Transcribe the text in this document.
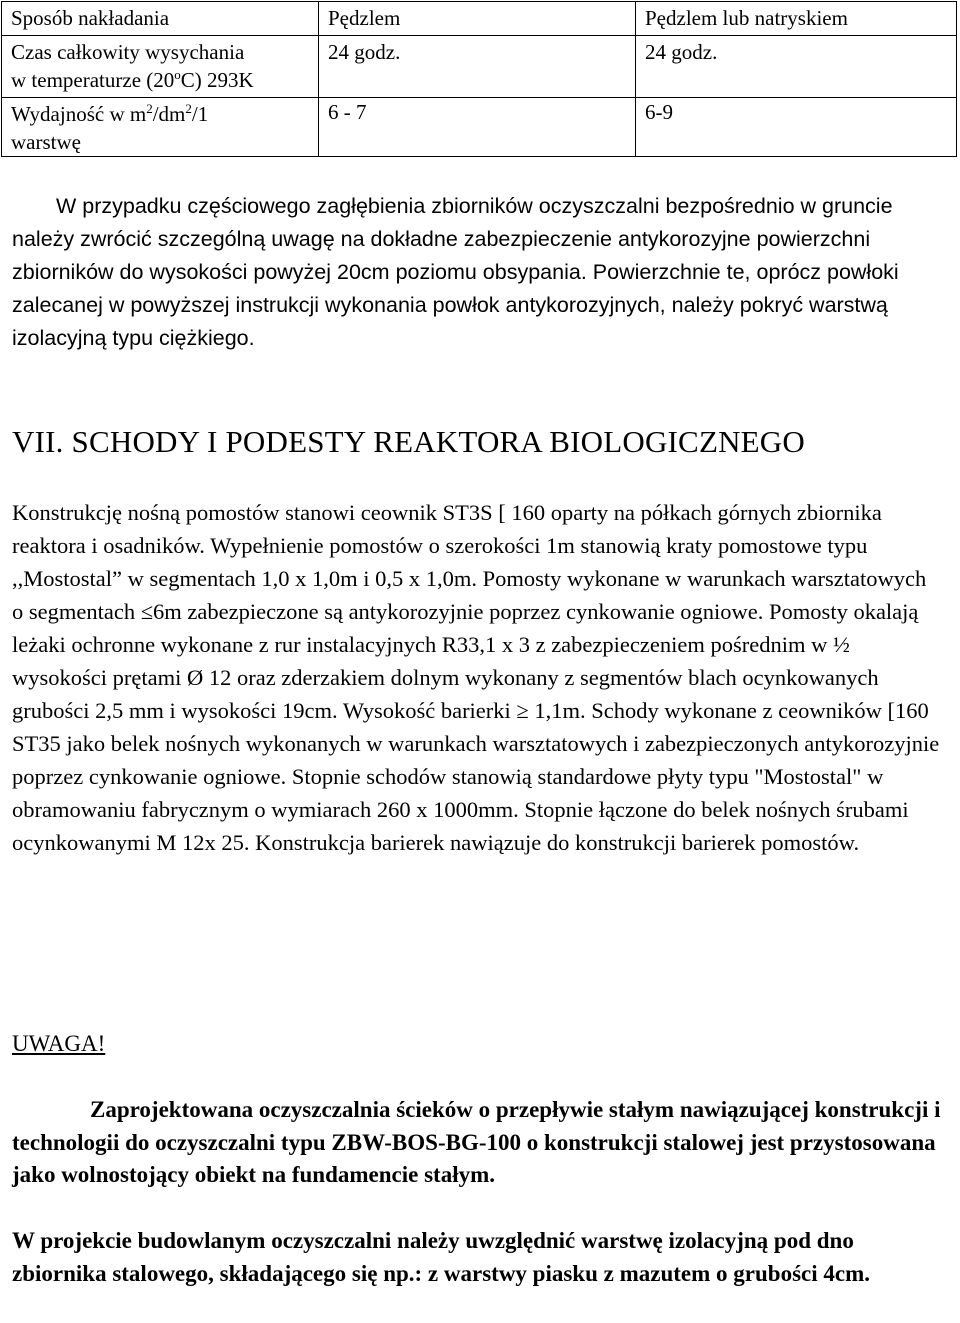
Sposób nakładania	Pędzlem	Pędzlem lub natryskiem
Czas całkowity wysychania
w temperaturze (20$^o$C) 293K	24 godz.	24 godz.
Wydajność w $m^2/dm^2/1$
warstwę	6 - 7	6-9

W przypadku częściowego zagłębienia zbiorników oczyszczalni bezpośrednio w gruncie należy zwrócić szczególną uwagę na dokładne zabezpieczenie antykorozyjne powierzchni zbiorników do wysokości powyżej 20cm poziomu obsypania. Powierzchnie te, oprócz powłoki zalecanej w powyższej instrukcji wykonania powłok antykorozyjnych, należy pokryć warstwą izolacyjną typu ciężkiego.

VII. SCHODY I PODESTY REAKTORA BIOLOGICZNEGO

Konstrukcję nośną pomostów stanowi ceownik ST3S [ 160 oparty na półkach górnych zbiornika reaktora i osadników. Wypełnienie pomostów o szerokości 1m stanowią kraty pomostowe typu ,,Mostostal” w segmentach 1,0 x 1,0m i 0,5 x 1,0m. Pomosty wykonane w warunkach warsztatowych o segmentach ≤6m zabezpieczone są antykorozyjnie poprzez cynkowanie ogniowe. Pomosty okalają leżaki ochronne wykonane z rur instalacyjnych R33,1 x 3 z zabezpieczeniem pośrednim w ½ wysokości prętami Ø 12 oraz zderzakiem dolnym wykonany z segmentów blach ocynkowanych grubości 2,5 mm i wysokości 19cm. Wysokość barierki ≥ 1,1m. Schody wykonane z ceowników [160 ST35 jako belek nośnych wykonanych w warunkach warsztatowych i zabezpieczonych antykorozyjnie poprzez cynkowanie ogniowe. Stopnie schodów stanowią standardowe płyty typu "Mostostal" w obramowaniu fabrycznym o wymiarach 260 x 1000mm. Stopnie łączone do belek nośnych śrubami ocynkowanymi M 12x 25. Konstrukcja barierek nawiązuje do konstrukcji barierek pomostów.

UWAGA!

Zaprojektowana oczyszczalnia ścieków o przepływie stałym nawiązującej konstrukcji i technologii do oczyszczalni typu ZBW-BOS-BG-100 o konstrukcji stalowej jest przystosowana jako wolnostojący obiekt na fundamencie stałym.

W projekcie budowlanym oczyszczalni należy uwzględnić warstwę izolacyjną pod dno zbiornika stalowego, składającego się np.: z warstwy piasku z mazutem o grubości 4cm.
